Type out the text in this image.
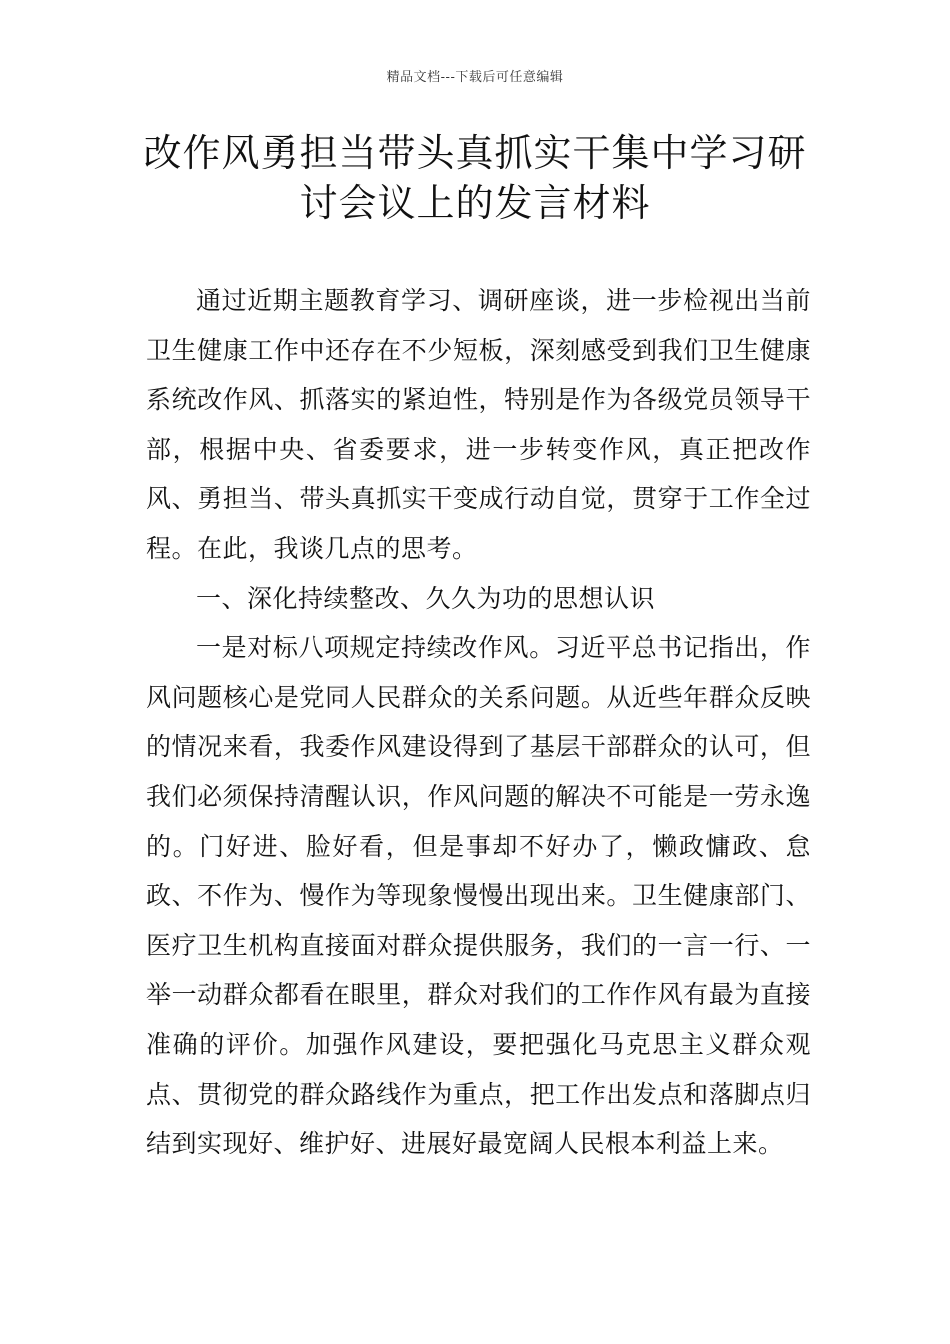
精品文档---下载后可任意编辑
改作风勇担当带头真抓实干集中学习研讨会议上的发言材料

通过近期主题教育学习、调研座谈，进一步检视出当前卫生健康工作中还存在不少短板，深刻感受到我们卫生健康系统改作风、抓落实的紧迫性，特别是作为各级党员领导干部，根据中央、省委要求，进一步转变作风，真正把改作风、勇担当、带头真抓实干变成行动自觉，贯穿于工作全过程。在此，我谈几点的思考。

一、深化持续整改、久久为功的思想认识

一是对标八项规定持续改作风。习近平总书记指出，作风问题核心是党同人民群众的关系问题。从近些年群众反映的情况来看，我委作风建设得到了基层干部群众的认可，但我们必须保持清醒认识，作风问题的解决不可能是一劳永逸的。门好进、脸好看，但是事却不好办了，懒政慵政、怠政、不作为、慢作为等现象慢慢出现出来。卫生健康部门、医疗卫生机构直接面对群众提供服务，我们的一言一行、一举一动群众都看在眼里，群众对我们的工作作风有最为直接准确的评价。加强作风建设，要把强化马克思主义群众观点、贯彻党的群众路线作为重点，把工作出发点和落脚点归结到实现好、维护好、进展好最宽阔人民根本利益上来。
